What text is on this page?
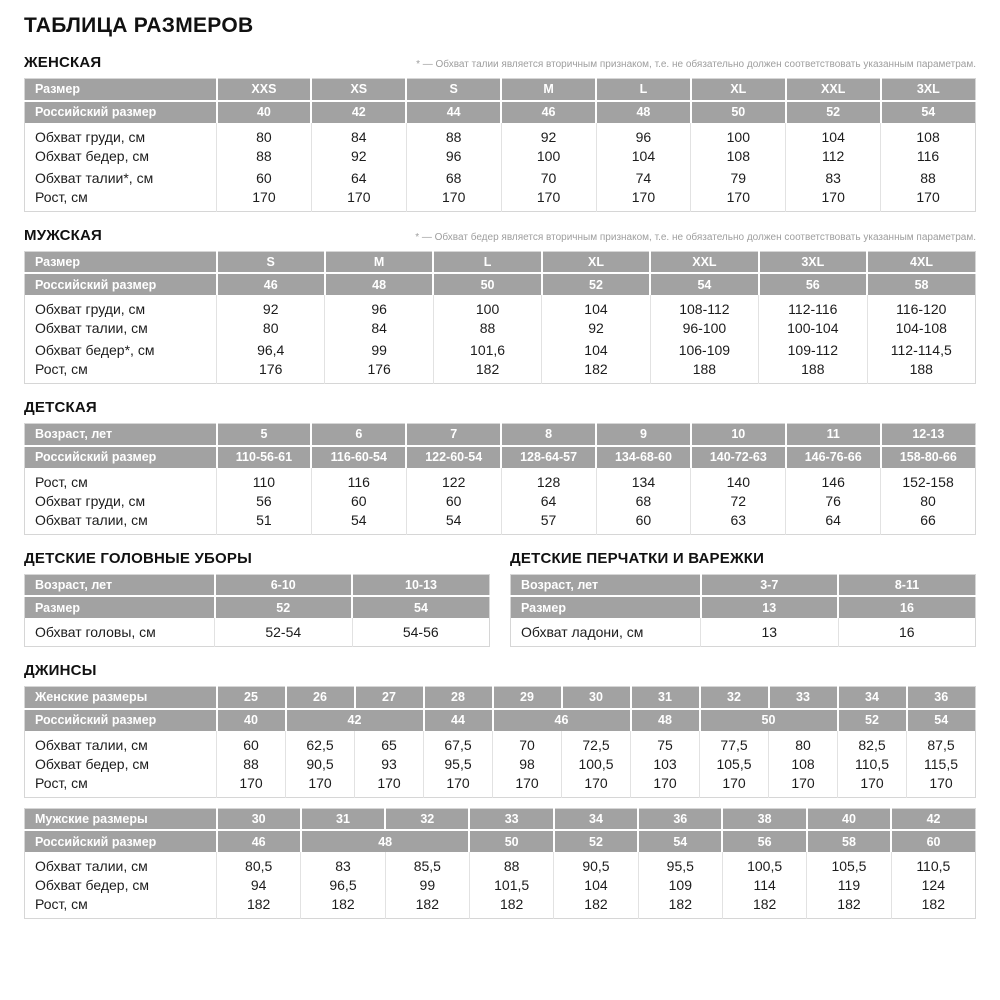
ТАБЛИЦА РАЗМЕРОВ
ЖЕНСКАЯ	* — Обхват талии является вторичным признаком, т.е. не обязательно должен соответствовать указанным параметрам.
Размер	XXS	XS	S	M	L	XL	XXL	3XL
Российский размер	40	42	44	46	48	50	52	54
Обхват груди, см	80	84	88	92	96	100	104	108
Обхват бедер, см	88	92	96	100	104	108	112	116
Обхват талии*, см	60	64	68	70	74	79	83	88
Рост, см	170	170	170	170	170	170	170	170
МУЖСКАЯ	* — Обхват бедер является вторичным признаком, т.е. не обязательно должен соответствовать указанным параметрам.
Размер	S	M	L	XL	XXL	3XL	4XL
Российский размер	46	48	50	52	54	56	58
Обхват груди, см	92	96	100	104	108-112	112-116	116-120
Обхват талии, см	80	84	88	92	96-100	100-104	104-108
Обхват бедер*, см	96,4	99	101,6	104	106-109	109-112	112-114,5
Рост, см	176	176	182	182	188	188	188
ДЕТСКАЯ
Возраст, лет	5	6	7	8	9	10	11	12-13
Российский размер	110-56-61	116-60-54	122-60-54	128-64-57	134-68-60	140-72-63	146-76-66	158-80-66
Рост, см	110	116	122	128	134	140	146	152-158
Обхват груди, см	56	60	60	64	68	72	76	80
Обхват талии, см	51	54	54	57	60	63	64	66
ДЕТСКИЕ ГОЛОВНЫЕ УБОРЫ
Возраст, лет	6-10	10-13
Размер	52	54
Обхват головы, см	52-54	54-56
ДЕТСКИЕ ПЕРЧАТКИ И ВАРЕЖКИ
Возраст, лет	3-7	8-11
Размер	13	16
Обхват ладони, см	13	16
ДЖИНСЫ
Женские размеры	25	26	27	28	29	30	31	32	33	34	36
Российский размер	40	42		44	46		48	50		52	54
Обхват талии, см	60	62,5	65	67,5	70	72,5	75	77,5	80	82,5	87,5
Обхват бедер, см	88	90,5	93	95,5	98	100,5	103	105,5	108	110,5	115,5
Рост, см	170	170	170	170	170	170	170	170	170	170	170
Мужские размеры	30	31	32	33	34	36	38	40	42
Российский размер	46	48		50	52	54	56	58	60
Обхват талии, см	80,5	83	85,5	88	90,5	95,5	100,5	105,5	110,5
Обхват бедер, см	94	96,5	99	101,5	104	109	114	119	124
Рост, см	182	182	182	182	182	182	182	182	182
